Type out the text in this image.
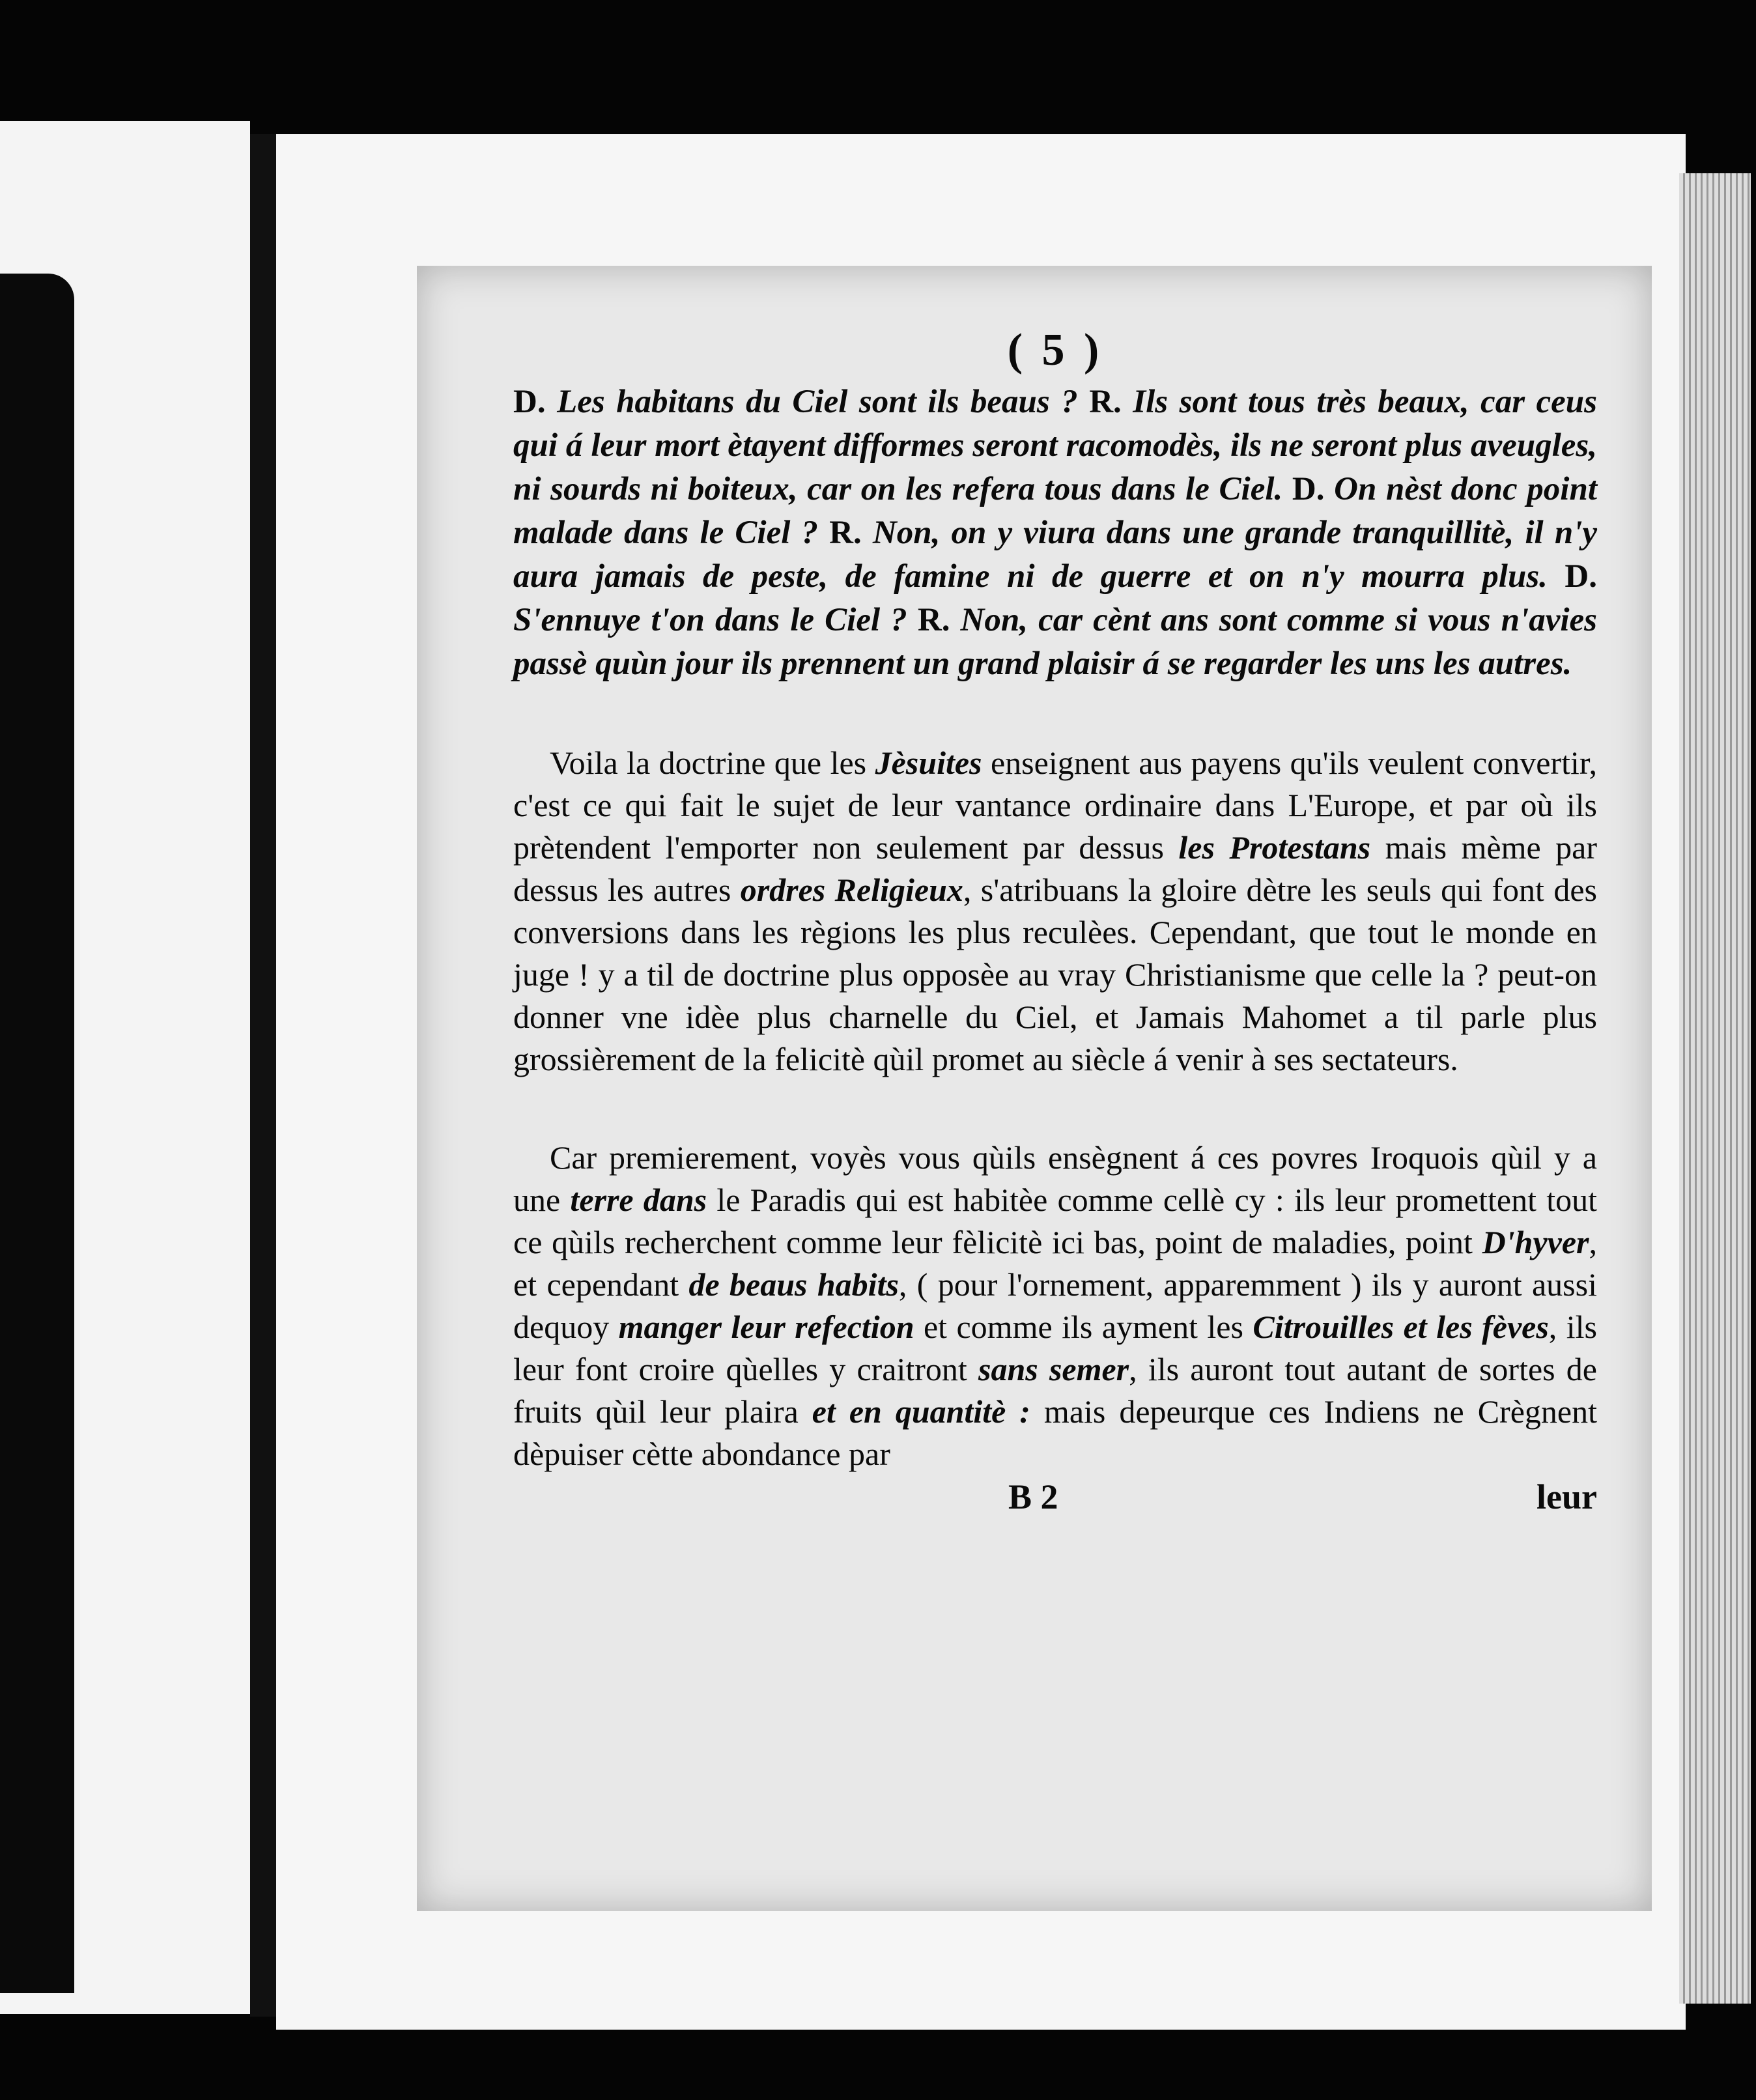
( 5 )

D. Les habitans du Ciel sont ils beaus ? R. Ils sont tous très beaux, car ceus qui á leur mort ètayent difformes seront racomodès, ils ne seront plus aveugles, ni sourds ni boiteux, car on les refera tous dans le Ciel. D. On nèst donc point malade dans le Ciel ? R. Non, on y viura dans une grande tranquillitè, il n'y aura jamais de peste, de famine ni de guerre et on n'y mourra plus. D. S'ennuye t'on dans le Ciel ? R. Non, car cènt ans sont comme si vous n'avies passè quùn jour ils prennent un grand plaisir á se regarder les uns les autres.

Voila la doctrine que les Jèsuites enseignent aus payens qu'ils veulent convertir, c'est ce qui fait le sujet de leur vantance ordinaire dans L'Europe, et par où ils prètendent l'emporter non seulement par dessus les Protestans mais mème par dessus les autres ordres Religieux, s'atribuans la gloire dètre les seuls qui font des conversions dans les règions les plus reculèes. Cependant, que tout le monde en juge ! y a til de doctrine plus opposèe au vray Christianisme que celle la ? peut-on donner vne idèe plus charnelle du Ciel, et Jamais Mahomet a til parle plus grossièrement de la felicitè qùil promet au siècle á venir à ses sectateurs.

Car premierement, voyès vous qùils ensègnent á ces povres Iroquois qùil y a une terre dans le Paradis qui est habitèe comme cellè cy : ils leur promettent tout ce qùils recherchent comme leur fèlicitè ici bas, point de maladies, point D'hyver, et cependant de beaus habits, ( pour l'ornement, apparemment ) ils y auront aussi dequoy manger leur refection et comme ils ayment les Citrouilles et les fèves, ils leur font croire qùelles y craitront sans semer, ils auront tout autant de sortes de fruits qùil leur plaira et en quantitè : mais depeurque ces Indiens ne Crègnent dèpuiser cètte abondance par

B 2	leur
